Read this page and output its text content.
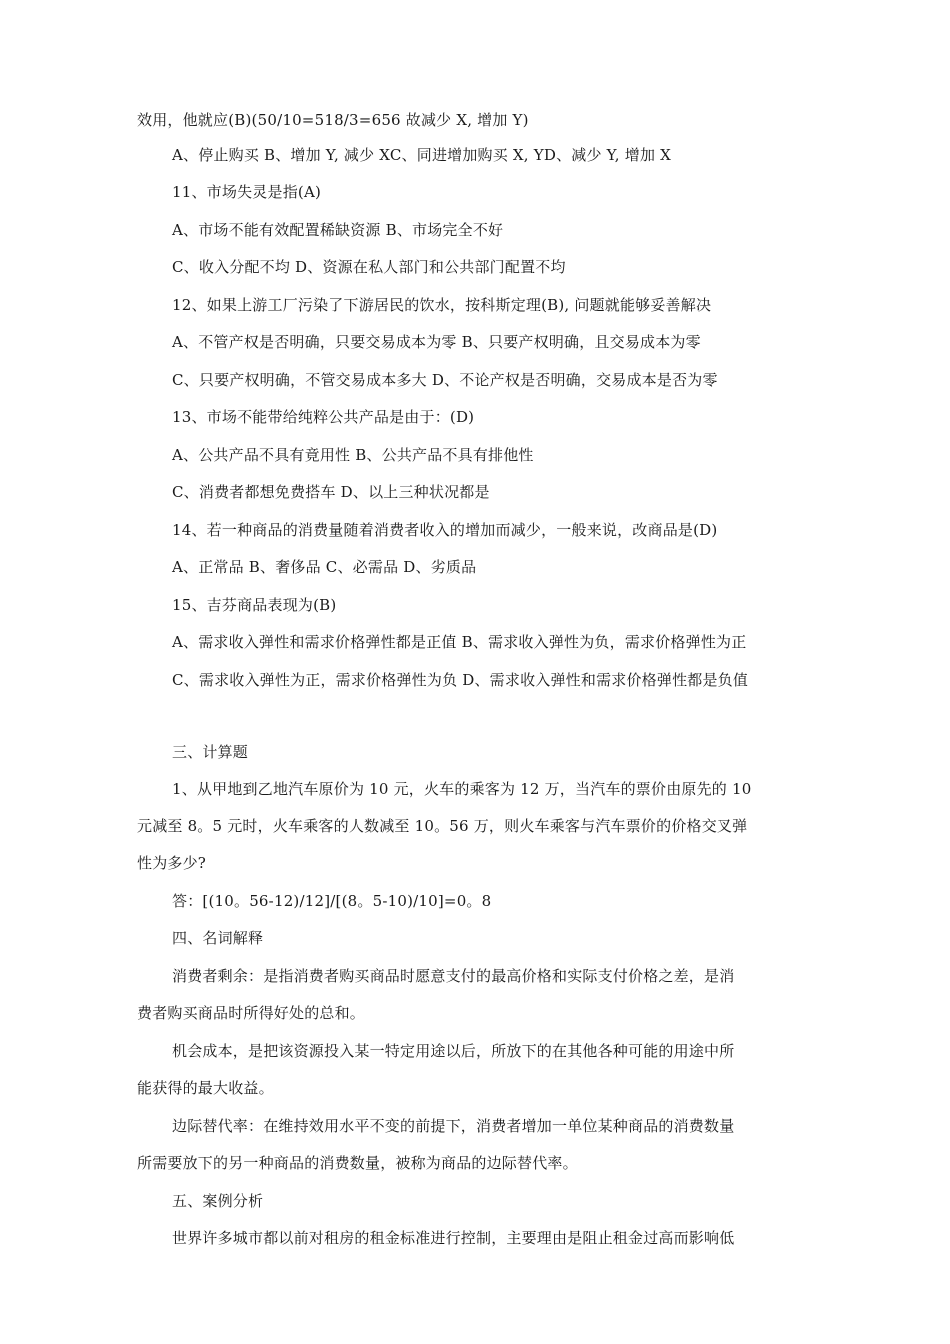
效用，他就应(B)(50/10=518/3=656 故减少 X, 增加 Y)
A、停止购买 B、增加 Y, 减少 XC、同进增加购买 X, YD、减少 Y, 增加 X
11、市场失灵是指(A)
A、市场不能有效配置稀缺资源 B、市场完全不好
C、收入分配不均 D、资源在私人部门和公共部门配置不均
12、如果上游工厂污染了下游居民的饮水，按科斯定理(B), 问题就能够妥善解决
A、不管产权是否明确，只要交易成本为零 B、只要产权明确，且交易成本为零
C、只要产权明确，不管交易成本多大 D、不论产权是否明确，交易成本是否为零
13、市场不能带给纯粹公共产品是由于：(D)
A、公共产品不具有竟用性 B、公共产品不具有排他性
C、消费者都想免费搭车 D、以上三种状况都是
14、若一种商品的消费量随着消费者收入的增加而减少，一般来说，改商品是(D)
A、正常品 B、奢侈品 C、必需品 D、劣质品
15、吉芬商品表现为(B)
A、需求收入弹性和需求价格弹性都是正值 B、需求收入弹性为负，需求价格弹性为正
C、需求收入弹性为正，需求价格弹性为负 D、需求收入弹性和需求价格弹性都是负值
三、计算题
1、从甲地到乙地汽车原价为 10 元，火车的乘客为 12 万，当汽车的票价由原先的 10
元减至 8。5 元时，火车乘客的人数减至 10。56 万，则火车乘客与汽车票价的价格交叉弹
性为多少?
答：[(10。56-12)/12]/[(8。5-10)/10]=0。8
四、名词解释
消费者剩余：是指消费者购买商品时愿意支付的最高价格和实际支付价格之差，是消
费者购买商品时所得好处的总和。
机会成本，是把该资源投入某一特定用途以后，所放下的在其他各种可能的用途中所
能获得的最大收益。
边际替代率：在维持效用水平不变的前提下，消费者增加一单位某种商品的消费数量
所需要放下的另一种商品的消费数量，被称为商品的边际替代率。
五、案例分析
世界许多城市都以前对租房的租金标准进行控制，主要理由是阻止租金过高而影响低
